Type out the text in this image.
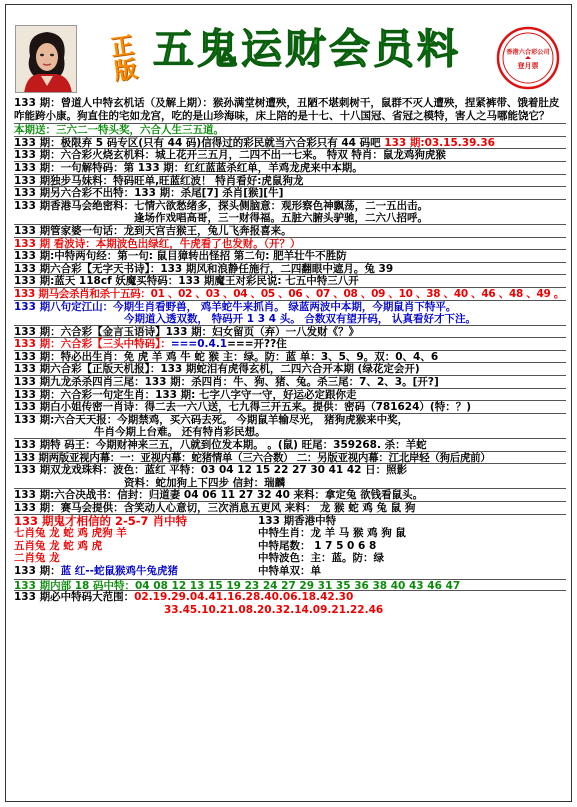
正版 五鬼运财会员料	香港六合彩公司
登月票
133 期：曾道人中特玄机话（及解上期）：猴孙满堂树遭殃，丑陋不堪刺树干，鼠群不灭人遭殃，捏紧裤带、饿着肚皮咋能跨小康。狗直住的宅如龙宫，吃的是山珍海味，床上陪的是十七、十八国冠、省冠之模特，害人之马哪能饶它？
本期送：三六二一特头奖，六合人生三五道。
133 期：极限弃 5 码专区(只有 44 码)信得过的彩民就当六合彩只有 44 码吧 133 期:03.15.39.36
133 期：六合彩火烧玄机料：城上花开三五月，二四不出一七来。 特双 特肖：鼠龙鸡狗虎猴
133 期：一句解特码：第 133 期：红红蓝蓝杀红单，羊鸡龙虎来中本期。
133 期独步马妹料：特码旺单,旺蓝红波！ 特肖看好:虎鼠狗龙
133 期另六合彩不出特：133 期：杀尾[7] 杀肖[猴][牛]
133 期香港马会绝密料：七情六欲愁绪多，探头侧脑意：观形察色神飘荡，二一五出击。
逢场作戏唱高哥，三一财得福。五脏六腑头驴驰，二六八招呼。
133 期管家婆一句话：龙到天宫吉猴王，兔儿飞奔报喜来。
133 期 看波诗：本期波色出绿红，牛虎看了也发财。（开？）
133 期:中特两句经：第一句: 鼠目獐转出怪招 第二句: 肥羊壮牛不胜防
133 期六合彩【无字天书诗】：133 期风和浪静任施行，二四翻眼中遮月。兔 39
133 期:蓝天 118cf 妖魔买特码：133 期魔王对彩民说: 七五中特三八开
133 期马会杀肖和杀十五码：01 、02 、03 、04 、05 、06 、07 、08 、09 、10 、38 、40 、46 、48 、49 。
133 期八句定江山：今期生肖看野兽， 鸡羊蛇牛来抓肖。 绿蓝两波中本期，今期鼠肖下特平。
今期道入透双数， 特码开 1 3 4 头。 合数双有望开码， 认真看好才下注。
133 期：六合彩【金言玉语诗】133 期：妇女留页（弃）一八发财《？》
133 期：六合彩【三头中特码】：===0.4.1===开??住
133 期：特必出生肖：免 虎 羊 鸡 牛 蛇 猴 主：绿。防：蓝 单：3、5、9。双：0、4、6
133 期六合彩【正版天机报】：133 期蛇泪有虎得玄机，二四六合开本期 (绿花定会开)
133 期九龙杀杀四肖三尾：133 期：杀四肖：牛、狗、猪、兔。杀三尾：7、2、3。[开?]
133 期：六合彩一句定生肖：133 期: 七字八字守一守，好运必定跟你走
133 期白小姐传密一肖诗：得二去一六八送，七九得三开五来。提供：密码（781624）(特：？)
133 期:六合天天报：今期禁鸡，买六码去死。 今期鼠羊输尽光， 猪狗虎猴来中奖，
牛肖今期上台难。 还有特肖彩民想。
133 期特 码王：今期财神来三五，八就到位发本期。 。(鼠) 旺尾：359268. 杀：羊蛇
133 期两版亚视内幕：一：亚视内幕：蛇猪情单（三六合数） 二：另版亚视内幕：江北岸轻（狗后虎前）
133 期双龙戏珠料：波色：蓝红 平特：03 04 12 15 22 27 30 41 42 日：照影
资料：蛇加狗上下四步 信封：瑞麟
133 期:六合决战书：信封：归道妻 04 06 11 27 32 40 来料：拿定兔 欲钱看鼠头。
133 期：赛马会提供：含笑动人心意切，三次消息五更风 来料： 龙 猴 蛇 鸡 兔 鼠 狗
133 期鬼才相信的 2-5-7 肖中特
七肖兔 龙 蛇 鸡 虎狗 羊
五肖兔 龙 蛇 鸡 虎
二肖兔 龙
133 期：蓝 红--蛇鼠猴鸡牛兔虎猪
133 期香港中特
中特生肖：龙 羊 马 猴 鸡 狗 鼠
中特尾数： 1 7 5 0 6 8
中特波色：主：蓝。防：绿
中特单双：单
133 期内部 18 码中特：04 08 12 13 15 19 23 24 27 29 31 35 36 38 40 43 46 47
133 期必中特码大范围：02.19.29.04.41.16.28.40.06.18.42.30
33.45.10.21.08.20.32.14.09.21.22.46
